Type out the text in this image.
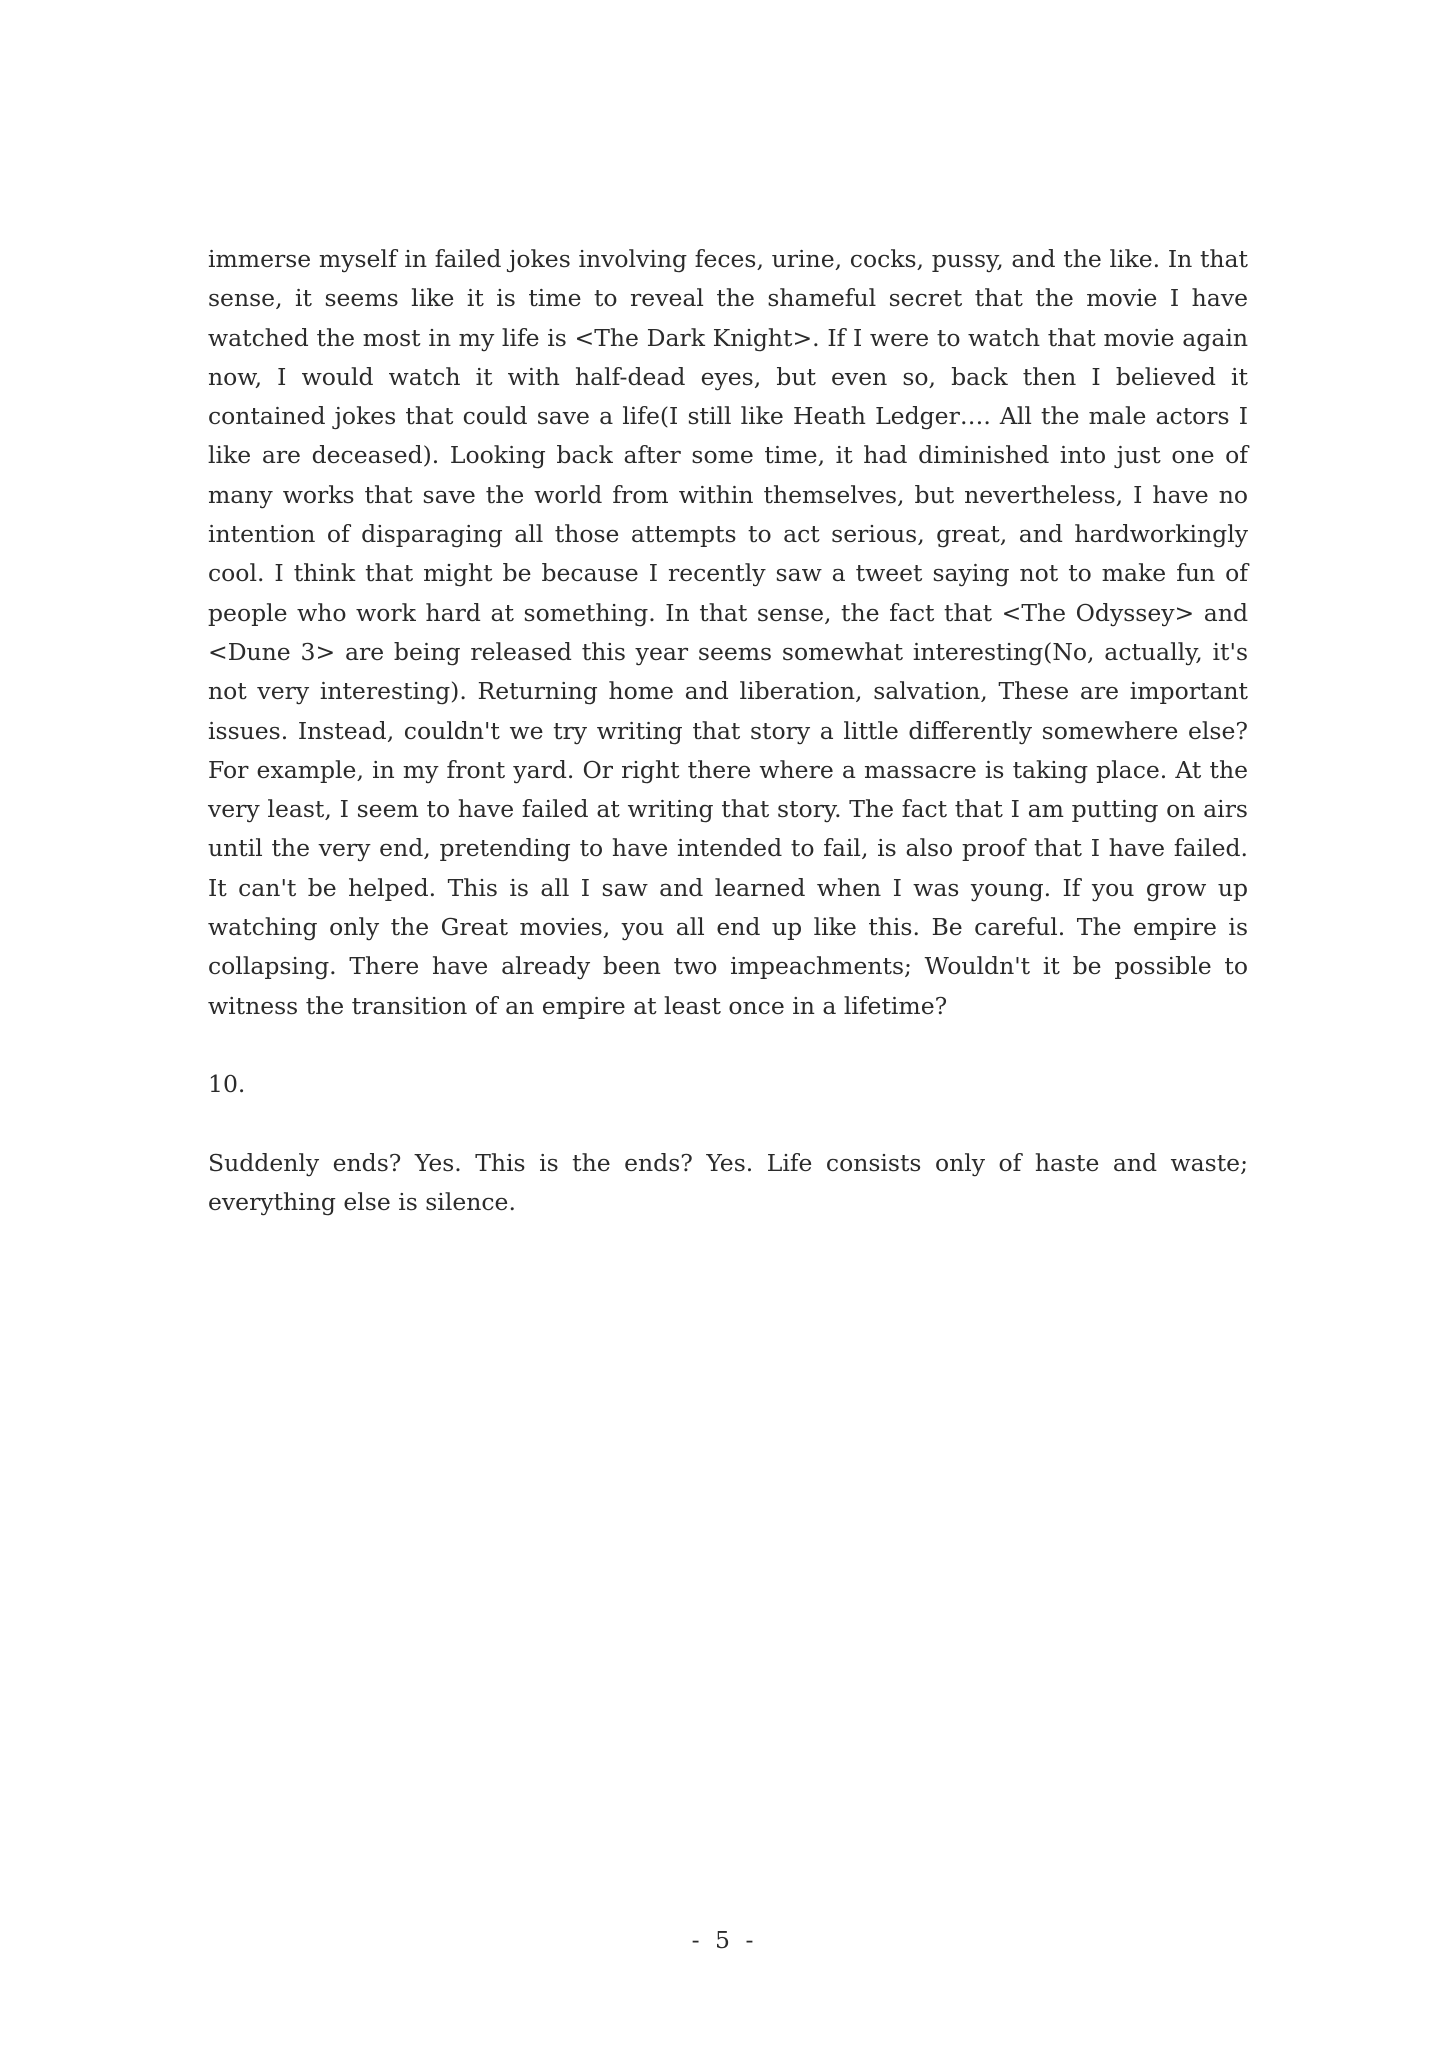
immerse myself in failed jokes involving feces, urine, cocks, pussy, and the like. In that sense, it seems like it is time to reveal the shameful secret that the movie I have watched the most in my life is <The Dark Knight>. If I were to watch that movie again now, I would watch it with half-dead eyes, but even so, back then I believed it contained jokes that could save a life(I still like Heath Ledger…. All the male actors I like are deceased). Looking back after some time, it had diminished into just one of many works that save the world from within themselves, but nevertheless, I have no intention of disparaging all those attempts to act serious, great, and hardworkingly cool. I think that might be because I recently saw a tweet saying not to make fun of people who work hard at something. In that sense, the fact that <The Odyssey> and <Dune 3> are being released this year seems somewhat interesting(No, actually, it's not very interesting). Returning home and liberation, salvation, These are important issues. Instead, couldn't we try writing that story a little differently somewhere else? For example, in my front yard. Or right there where a massacre is taking place. At the very least, I seem to have failed at writing that story. The fact that I am putting on airs until the very end, pretending to have intended to fail, is also proof that I have failed. It can't be helped. This is all I saw and learned when I was young. If you grow up watching only the Great movies, you all end up like this. Be careful. The empire is collapsing. There have already been two impeachments; Wouldn't it be possible to witness the transition of an empire at least once in a lifetime?

10.

Suddenly ends? Yes. This is the ends? Yes. Life consists only of haste and waste; everything else is silence.

- 5 -
